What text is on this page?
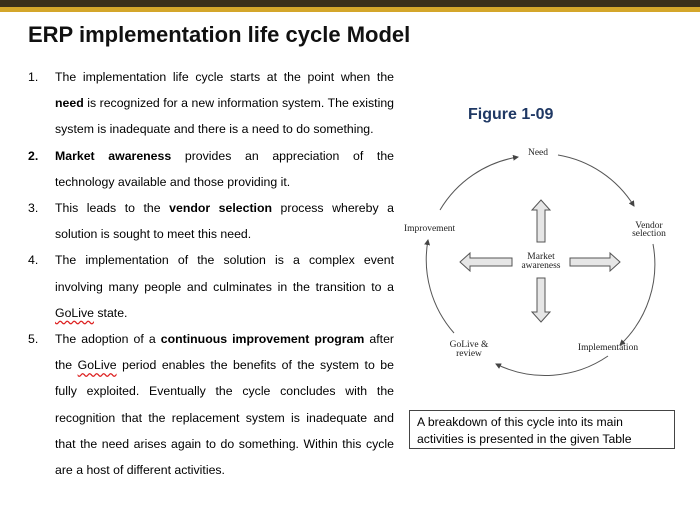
ERP implementation life cycle Model
1. The implementation life cycle starts at the point when the need is recognized for a new information system. The existing system is inadequate and there is a need to do something.
2. Market awareness provides an appreciation of the technology available and those providing it.
3. This leads to the vendor selection process whereby a solution is sought to meet this need.
4. The implementation of the solution is a complex event involving many people and culminates in the transition to a GoLive state.
5. The adoption of a continuous improvement program after the GoLive period enables the benefits of the system to be fully exploited. Eventually the cycle concludes with the recognition that the replacement system is inadequate and that the need arises again to do something. Within this cycle are a host of different activities.
Figure 1-09
Need
Vendor
selection
Improvement
Market
awareness
GoLive &
review
Implementation
A breakdown of this cycle into its main activities is presented in the given Table
